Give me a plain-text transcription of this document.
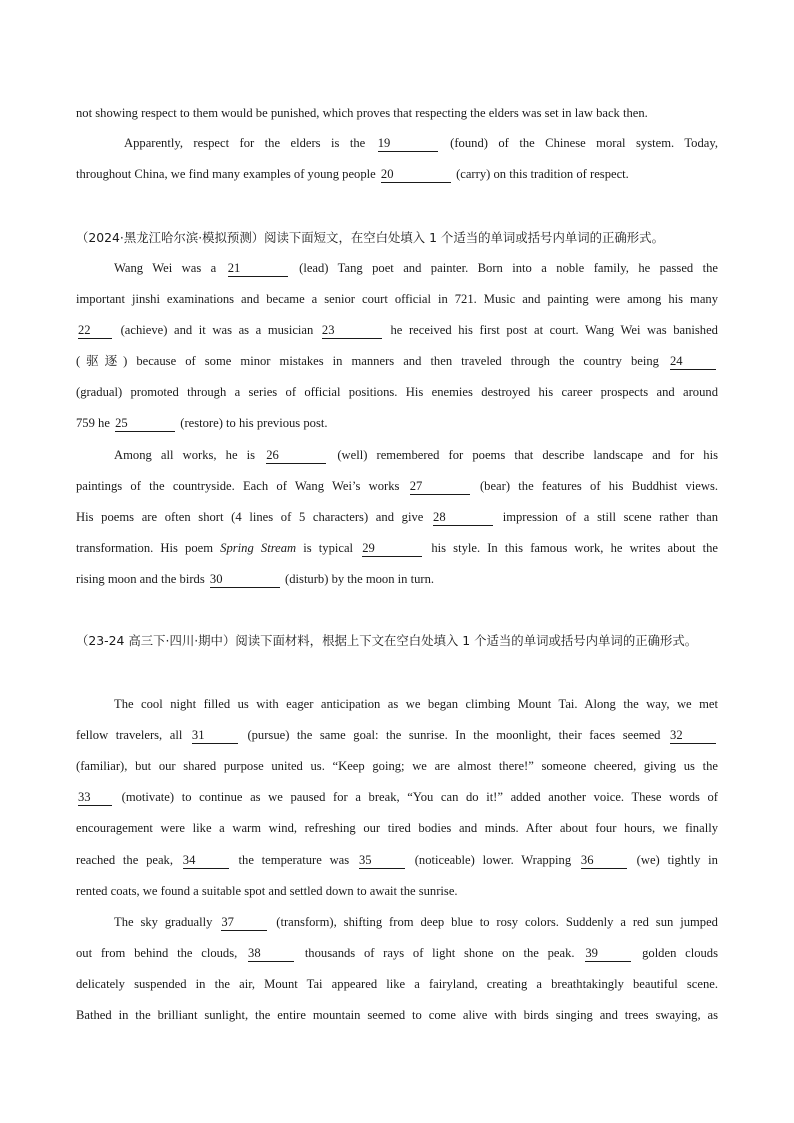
not showing respect to them would be punished, which proves that respecting the elders was set in law back then.

Apparently, respect for the elders is the 19	(found) of the Chinese moral system. Today,

throughout China, we find many examples of young people 20	(carry) on this tradition of respect.

（2024·黑龙江哈尔滨·模拟预测）阅读下面短文，在空白处填入 1 个适当的单词或括号内单词的正确形式。

Wang Wei was a 21	(lead) Tang poet and painter. Born into a noble family, he passed the

important jinshi examinations and became a senior court official in 721. Music and painting were among his many

22 (achieve) and it was as a musician 23	he received his first post at court. Wang Wei was banished

(驱逐) because of some minor mistakes in manners and then traveled through the country being 24

(gradual) promoted through a series of official positions. His enemies destroyed his career prospects and around

759 he 25	(restore) to his previous post.

Among all works, he is 26	(well) remembered for poems that describe landscape and for his

paintings of the countryside. Each of Wang Wei’s works 27	(bear) the features of his Buddhist views.

His poems are often short (4 lines of 5 characters) and give 28	impression of a still scene rather than

transformation. His poem Spring Stream is typical 29	his style. In this famous work, he writes about the

rising moon and the birds 30	(disturb) by the moon in turn.

（23-24 高三下·四川·期中）阅读下面材料，根据上下文在空白处填入 1 个适当的单词或括号内单词的正确形式。

The cool night filled us with eager anticipation as we began climbing Mount Tai. Along the way, we met

fellow travelers, all 31	(pursue) the same goal: the sunrise. In the moonlight, their faces seemed 32

(familiar), but our shared purpose united us. “Keep going; we are almost there!” someone cheered, giving us the

33 (motivate) to continue as we paused for a break, “You can do it!” added another voice. These words of

encouragement were like a warm wind, refreshing our tired bodies and minds. After about four hours, we finally

reached the peak, 34	the temperature was 35	(noticeable) lower. Wrapping 36	(we) tightly in

rented coats, we found a suitable spot and settled down to await the sunrise.

The sky gradually 37	(transform), shifting from deep blue to rosy colors. Suddenly a red sun jumped

out from behind the clouds, 38	thousands of rays of light shone on the peak. 39	golden clouds

delicately suspended in the air, Mount Tai appeared like a fairyland, creating a breathtakingly beautiful scene.

Bathed in the brilliant sunlight, the entire mountain seemed to come alive with birds singing and trees swaying, as
